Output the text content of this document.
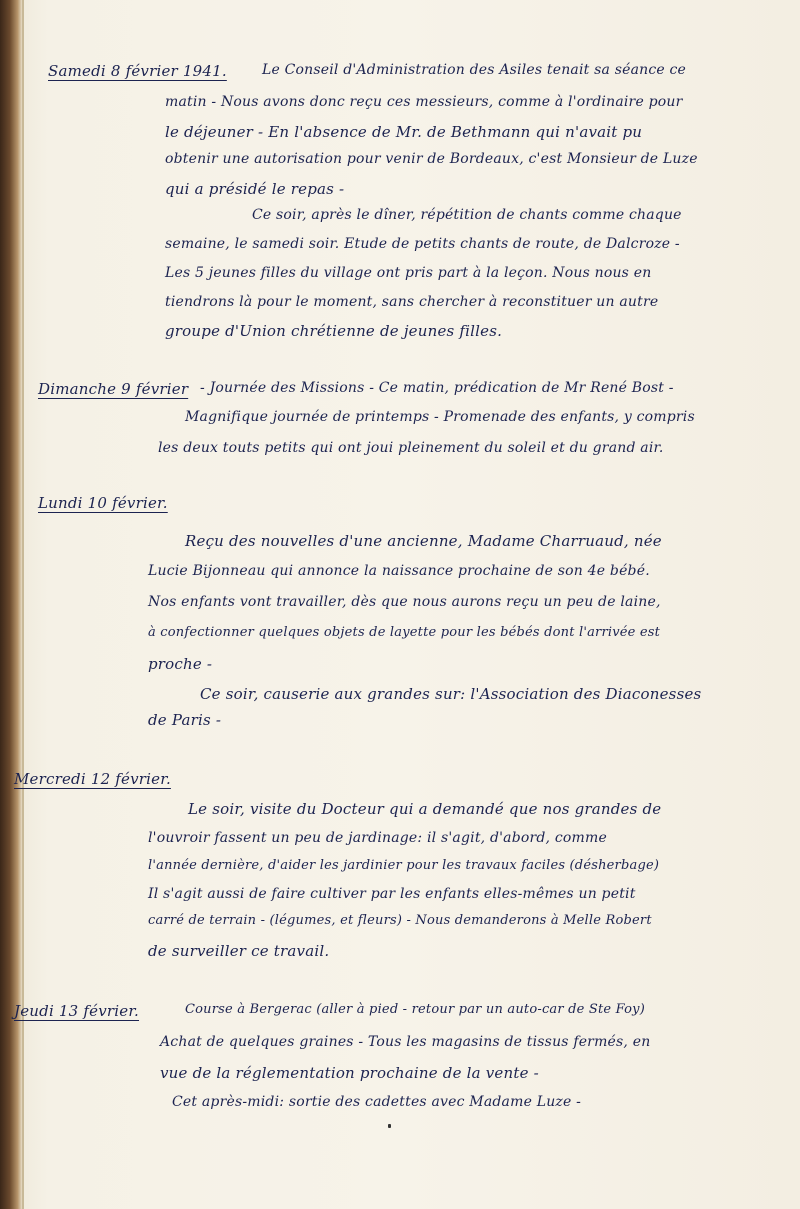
Samedi 8 février 1941.	Le Conseil d'Administration des Asiles tenait sa séance ce
matin - Nous avons donc reçu ces messieurs, comme à l'ordinaire pour
le déjeuner - En l'absence de Mr. de Bethmann qui n'avait pu
obtenir une autorisation pour venir de Bordeaux, c'est Monsieur de Luze
qui a présidé le repas -
Ce soir, après le dîner, répétition de chants comme chaque
semaine, le samedi soir. Etude de petits chants de route, de Dalcroze -
Les 5 jeunes filles du village ont pris part à la leçon. Nous nous en
tiendrons là pour le moment, sans chercher à reconstituer un autre
groupe d'Union chrétienne de jeunes filles.
Dimanche 9 février - Journée des Missions - Ce matin, prédication de Mr René Bost -
Magnifique journée de printemps - Promenade des enfants, y compris
les deux touts petits qui ont joui pleinement du soleil et du grand air.
Lundi 10 février.
Reçu des nouvelles d'une ancienne, Madame Charruaud, née
Lucie Bijonneau qui annonce la naissance prochaine de son 4e bébé.
Nos enfants vont travailler, dès que nous aurons reçu un peu de laine,
à confectionner quelques objets de layette pour les bébés dont l'arrivée est
proche -
Ce soir, causerie aux grandes sur: l'Association des Diaconesses
de Paris -
Mercredi 12 février.
Le soir, visite du Docteur qui a demandé que nos grandes de
l'ouvroir fassent un peu de jardinage: il s'agit, d'abord, comme
l'année dernière, d'aider les jardinier pour les travaux faciles (désherbage)
Il s'agit aussi de faire cultiver par les enfants elles-mêmes un petit
carré de terrain - (légumes, et fleurs) - Nous demanderons à Melle Robert
de surveiller ce travail.
Jeudi 13 février.	Course à Bergerac (aller à pied - retour par un auto-car de Ste Foy)
Achat de quelques graines - Tous les magasins de tissus fermés, en
vue de la réglementation prochaine de la vente -
Cet après-midi: sortie des cadettes avec Madame Luze -
